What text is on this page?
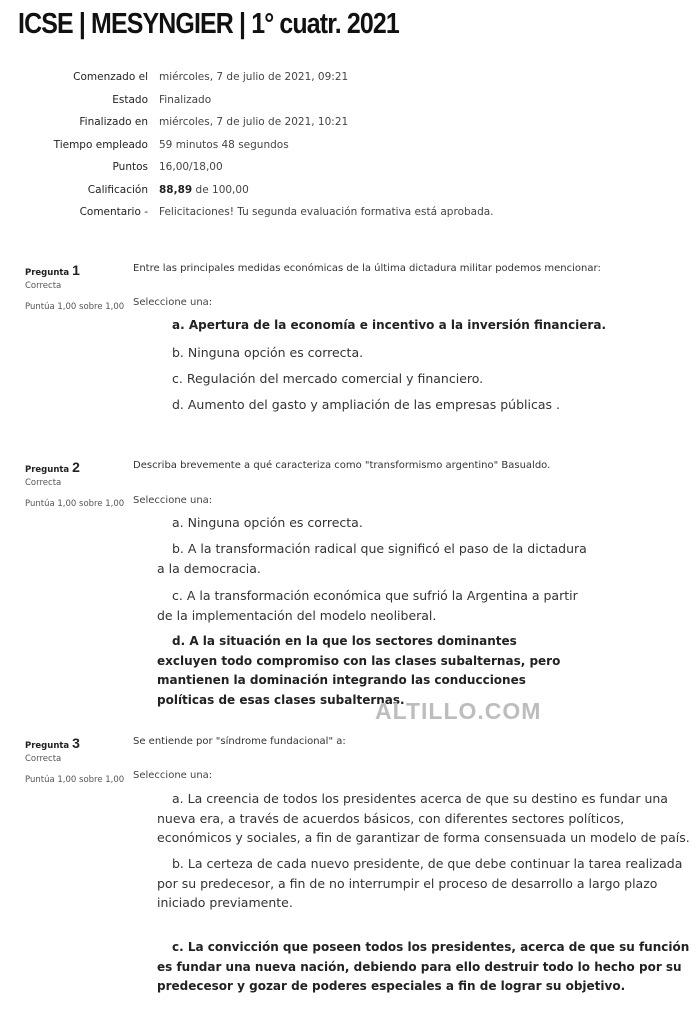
ICSE | MESYNGIER | 1° cuatr. 2021
Comenzado el miércoles, 7 de julio de 2021, 09:21
Estado Finalizado
Finalizado en miércoles, 7 de julio de 2021, 10:21
Tiempo empleado 59 minutos 48 segundos
Puntos 16,00/18,00
Calificación 88,89 de 100,00
Comentario - Felicitaciones! Tu segunda evaluación formativa está aprobada.
Pregunta 1
Correcta
Puntúa 1,00 sobre 1,00
Entre las principales medidas económicas de la última dictadura militar podemos mencionar:
Seleccione una:
a. Apertura de la economía e incentivo a la inversión financiera.
b. Ninguna opción es correcta.
c. Regulación del mercado comercial y financiero.
d. Aumento del gasto y ampliación de las empresas públicas .
Pregunta 2
Correcta
Puntúa 1,00 sobre 1,00
Describa brevemente a qué caracteriza como "transformismo argentino" Basualdo.
Seleccione una:
a. Ninguna opción es correcta.
b. A la transformación radical que significó el paso de la dictadura a la democracia.
c. A la transformación económica que sufrió la Argentina a partir de la implementación del modelo neoliberal.
d. A la situación en la que los sectores dominantes excluyen todo compromiso con las clases subalternas, pero mantienen la dominación integrando las conducciones políticas de esas clases subalternas.
ALTILLO.COM
Pregunta 3
Correcta
Puntúa 1,00 sobre 1,00
Se entiende por "síndrome fundacional" a:
Seleccione una:
a. La creencia de todos los presidentes acerca de que su destino es fundar una nueva era, a través de acuerdos básicos, con diferentes sectores políticos, económicos y sociales, a fin de garantizar de forma consensuada un modelo de país.
b. La certeza de cada nuevo presidente, de que debe continuar la tarea realizada por su predecesor, a fin de no interrumpir el proceso de desarrollo a largo plazo iniciado previamente.
c. La convicción que poseen todos los presidentes, acerca de que su función es fundar una nueva nación, debiendo para ello destruir todo lo hecho por su predecesor y gozar de poderes especiales a fin de lograr su objetivo.
